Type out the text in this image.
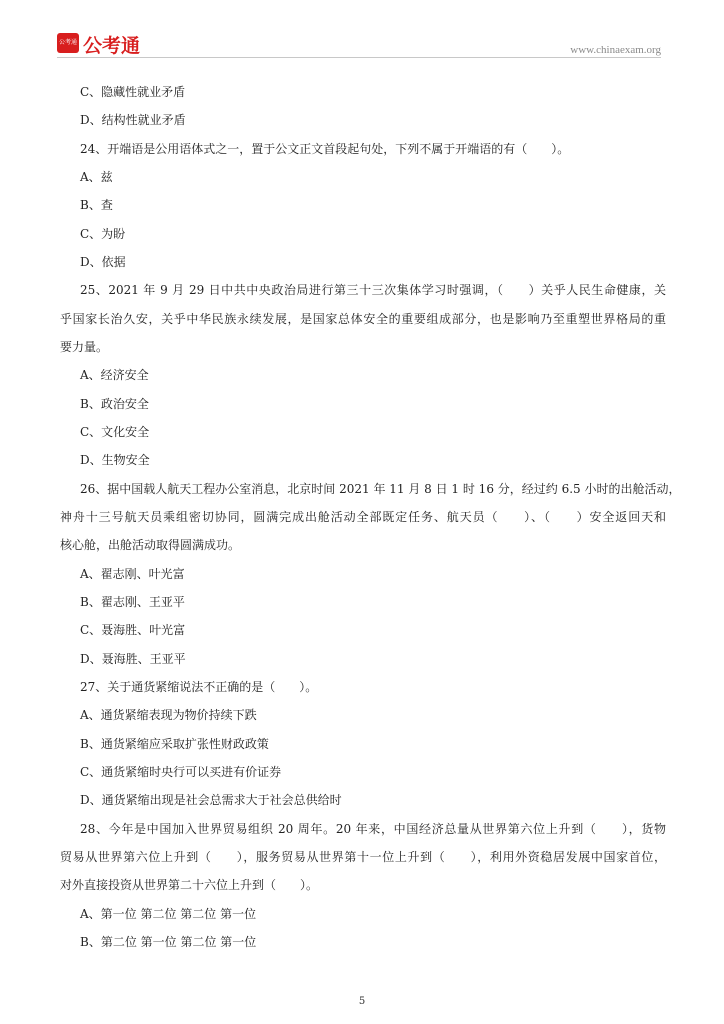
公考通 公考通	www.chinaexam.org
C、隐藏性就业矛盾
D、结构性就业矛盾
24、开端语是公用语体式之一，置于公文正文首段起句处，下列不属于开端语的有（　　）。
A、兹
B、查
C、为盼
D、依据
25、2021 年 9 月 29 日中共中央政治局进行第三十三次集体学习时强调，（　　）关乎人民生命健康，关
乎国家长治久安，关乎中华民族永续发展，是国家总体安全的重要组成部分，也是影响乃至重塑世界格局的重
要力量。
A、经济安全
B、政治安全
C、文化安全
D、生物安全
26、据中国载人航天工程办公室消息，北京时间 2021 年 11 月 8 日 1 时 16 分，经过约 6.5 小时的出舱活动，
神舟十三号航天员乘组密切协同，圆满完成出舱活动全部既定任务、航天员（　　）、（　　）安全返回天和
核心舱，出舱活动取得圆满成功。
A、翟志刚、叶光富
B、翟志刚、王亚平
C、聂海胜、叶光富
D、聂海胜、王亚平
27、关于通货紧缩说法不正确的是（　　）。
A、通货紧缩表现为物价持续下跌
B、通货紧缩应采取扩张性财政政策
C、通货紧缩时央行可以买进有价证券
D、通货紧缩出现是社会总需求大于社会总供给时
28、今年是中国加入世界贸易组织 20 周年。20 年来，中国经济总量从世界第六位上升到（　　），货物
贸易从世界第六位上升到（　　），服务贸易从世界第十一位上升到（　　），利用外资稳居发展中国家首位，
对外直接投资从世界第二十六位上升到（　　）。
A、第一位 第二位 第二位 第一位
B、第二位 第一位 第二位 第一位
5
